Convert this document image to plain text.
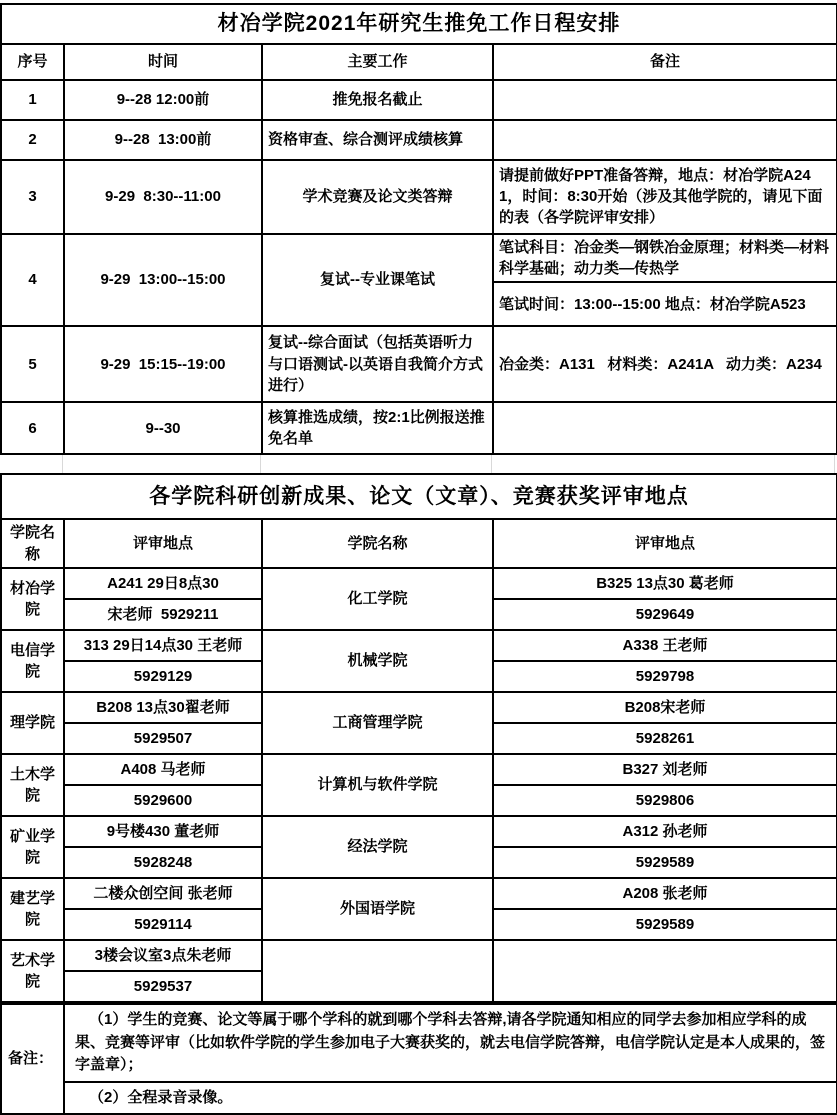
材冶学院2021年研究生推免工作日程安排			
序号	时间	主要工作	备注
1	9--28 12:00前	推免报名截止	
2	9--28  13:00前	资格审查、综合测评成绩核算	
3	9-29  8:30--11:00	学术竞赛及论文类答辩	请提前做好PPT准备答辩，地点：材冶学院A241，时间：8:30开始（涉及其他学院的，请见下面的表（各学院评审安排）
4	9-29  13:00--15:00	复试--专业课笔试	笔试科目：冶金类—钢铁冶金原理；材料类—材料科学基础；动力类—传热学
			笔试时间：13:00--15:00 地点：材冶学院A523
5	9-29  15:15--19:00	复试--综合面试（包括英语听力与口语测试-以英语自我简介方式进行）	冶金类：A131   材料类：A241A   动力类：A234
6	9--30	核算推选成绩，按2:1比例报送推免名单	
各学院科研创新成果、论文（文章）、竞赛获奖评审地点			
学院名称	评审地点	学院名称	评审地点
材冶学院	A241 29日8点30	化工学院	B325 13点30 葛老师
	宋老师  5929211		5929649
电信学院	313 29日14点30 王老师	机械学院	A338 王老师
	5929129		5929798
理学院	B208 13点30翟老师	工商管理学院	B208宋老师
	5929507		5928261
土木学院	A408 马老师	计算机与软件学院	B327 刘老师
	5929600		5929806
矿业学院	9号楼430 董老师	经法学院	A312 孙老师
	5928248		5929589
建艺学院	二楼众创空间 张老师	外国语学院	A208 张老师
	5929114		5929589
艺术学院	3楼会议室3点朱老师		
	5929537		
备注：	（1）学生的竞赛、论文等属于哪个学科的就到哪个学科去答辩,请各学院通知相应的同学去参加相应学科的成果、竞赛等评审（比如软件学院的学生参加电子大赛获奖的，就去电信学院答辩，电信学院认定是本人成果的，签字盖章）；
（2）全程录音录像。
